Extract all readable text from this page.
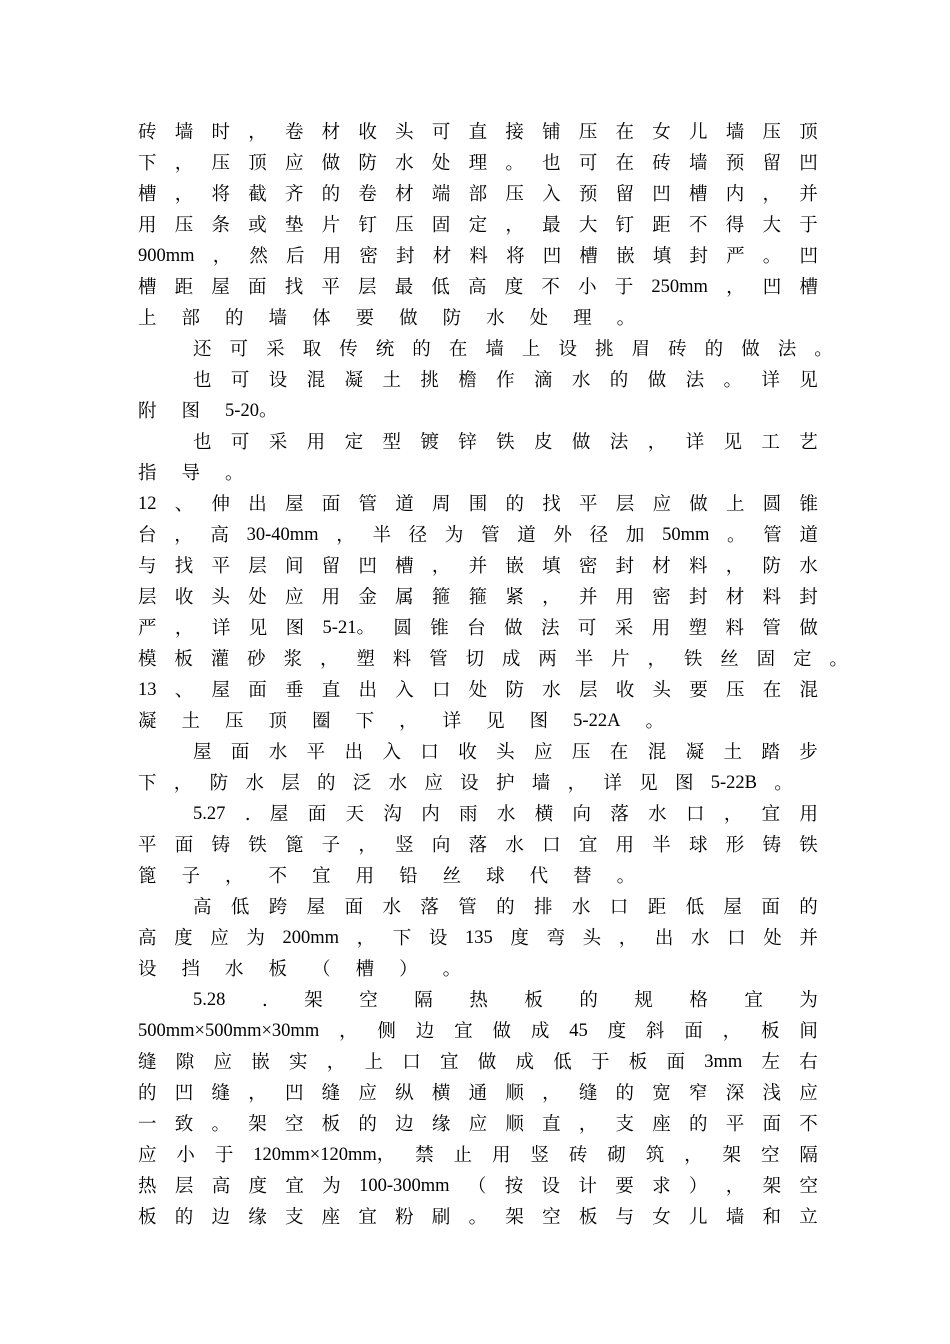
砖 墙 时 ， 卷 材 收 头 可 直 接 铺 压 在 女 儿 墙 压 顶
下 ， 压 顶 应 做 防 水 处 理 。 也 可 在 砖 墙 预 留 凹
槽 ， 将 截 齐 的 卷 材 端 部 压 入 预 留 凹 槽 内 ， 并
用 压 条 或 垫 片 钉 压 固 定 ， 最 大 钉 距 不 得 大 于
900mm ， 然 后 用 密 封 材 料 将 凹 槽 嵌 填 封 严 。 凹
槽 距 屋 面 找 平 层 最 低 高 度 不 小 于 250mm ， 凹 槽
上 部 的 墙 体 要 做 防 水 处 理 。
还 可 采 取 传 统 的 在 墙 上 设 挑 眉 砖 的 做 法 。
也 可 设 混 凝 土 挑 檐 作 滴 水 的 做 法 。 详 见
附 图 5-20。
也 可 采 用 定 型 镀 锌 铁 皮 做 法 ， 详 见 工 艺
指 导 。
12 、 伸 出 屋 面 管 道 周 围 的 找 平 层 应 做 上 圆 锥
台 ， 高 30-40mm ， 半 径 为 管 道 外 径 加 50mm 。 管 道
与 找 平 层 间 留 凹 槽 ， 并 嵌 填 密 封 材 料 ， 防 水
层 收 头 处 应 用 金 属 箍 箍 紧 ， 并 用 密 封 材 料 封
严 ， 详 见 图 5-21。 圆 锥 台 做 法 可 采 用 塑 料 管 做
模 板 灌 砂 浆 ， 塑 料 管 切 成 两 半 片 ， 铁 丝 固 定 。
13 、 屋 面 垂 直 出 入 口 处 防 水 层 收 头 要 压 在 混
凝 土 压 顶 圈 下 ， 详 见 图 5-22A 。
屋 面 水 平 出 入 口 收 头 应 压 在 混 凝 土 踏 步
下 ， 防 水 层 的 泛 水 应 设 护 墙 ， 详 见 图 5-22B 。
5.27 . 屋 面 天 沟 内 雨 水 横 向 落 水 口 ， 宜 用
平 面 铸 铁 篦 子 ， 竖 向 落 水 口 宜 用 半 球 形 铸 铁
篦 子 ， 不 宜 用 铅 丝 球 代 替 。
高 低 跨 屋 面 水 落 管 的 排 水 口 距 低 屋 面 的
高 度 应 为 200mm ， 下 设 135 度 弯 头 ， 出 水 口 处 并
设 挡 水 板 （ 槽 ） 。
5.28 . 架 空 隔 热 板 的 规 格 宜 为
500mm×500mm×30mm ， 侧 边 宜 做 成 45 度 斜 面 ， 板 间
缝 隙 应 嵌 实 ， 上 口 宜 做 成 低 于 板 面 3mm 左 右
的 凹 缝 ， 凹 缝 应 纵 横 通 顺 ， 缝 的 宽 窄 深 浅 应
一 致 。 架 空 板 的 边 缘 应 顺 直 ， 支 座 的 平 面 不
应 小 于 120mm×120mm， 禁 止 用 竖 砖 砌 筑 ， 架 空 隔
热 层 高 度 宜 为 100-300mm （ 按 设 计 要 求 ） ， 架 空
板 的 边 缘 支 座 宜 粉 刷 。 架 空 板 与 女 儿 墙 和 立
